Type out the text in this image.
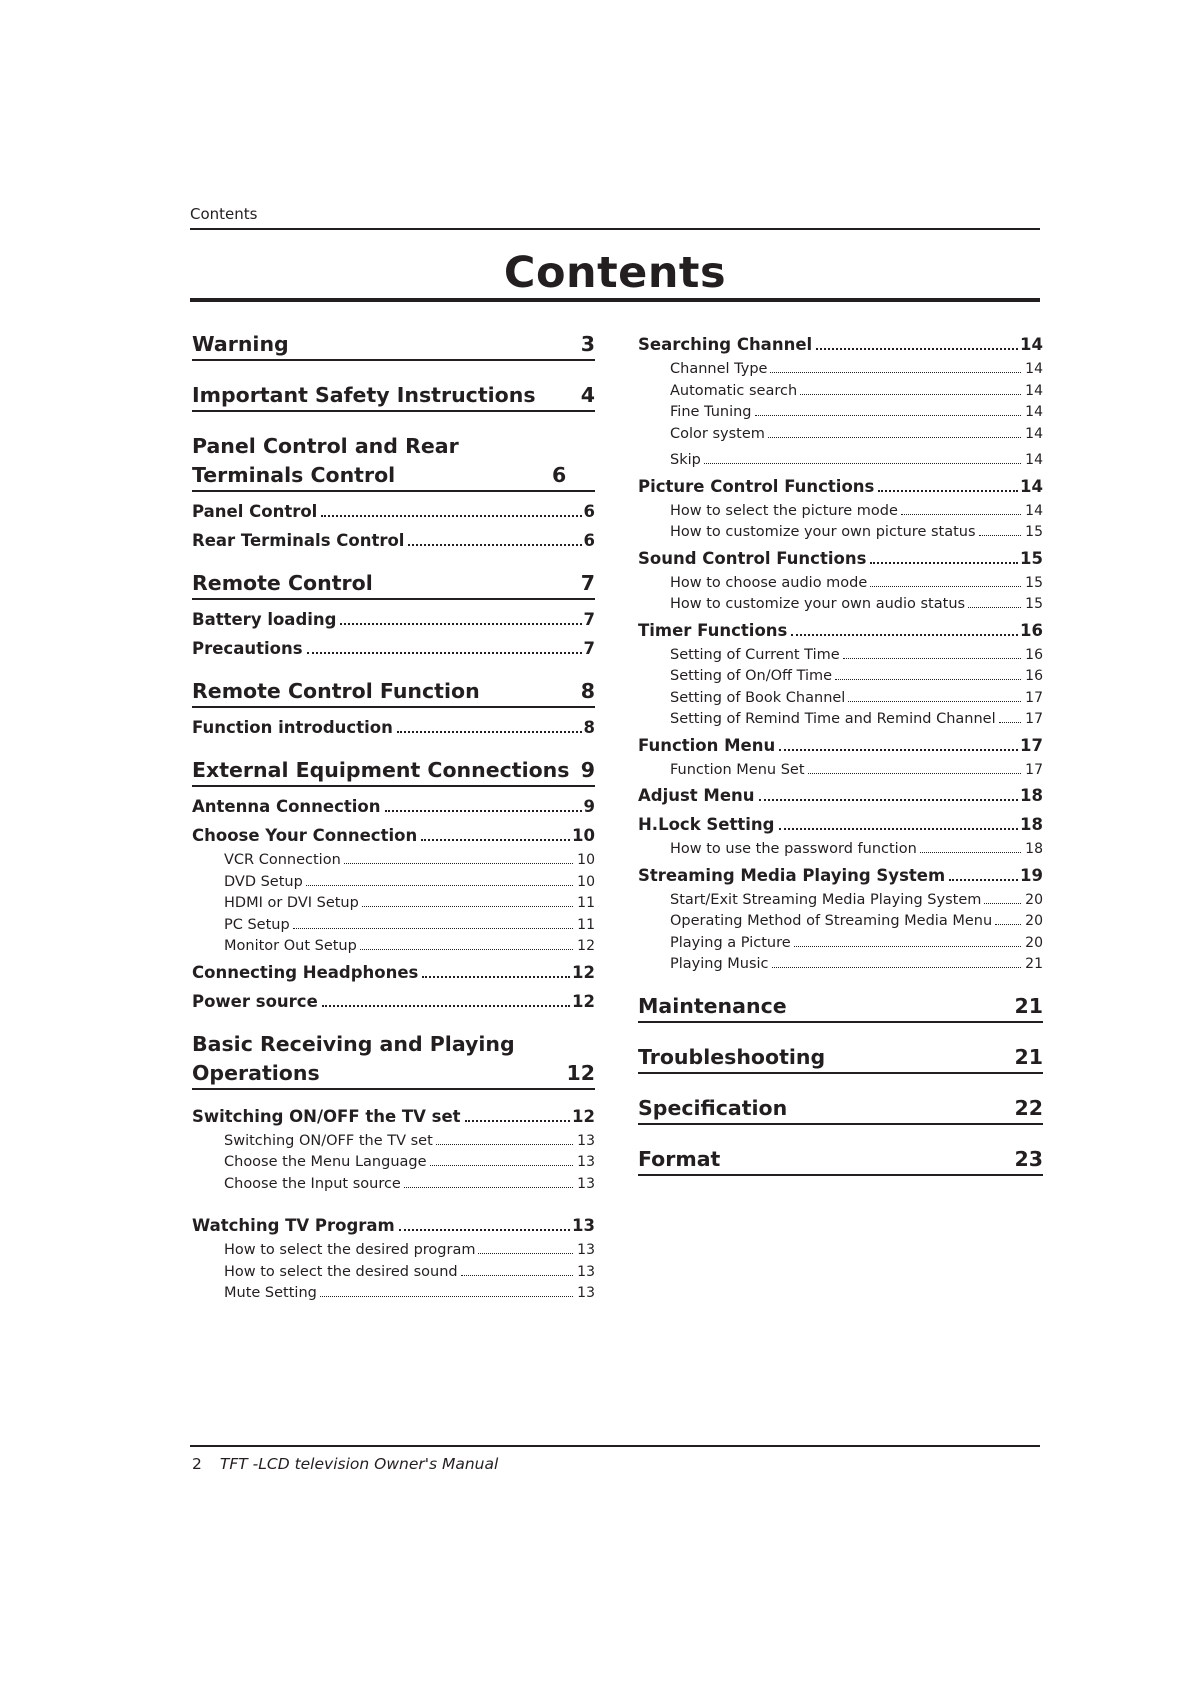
Contents
Contents
Warning	3
Important Safety Instructions	4
Panel Control and Rear Terminals Control	6
Panel Control	6
Rear Terminals Control	6
Remote Control	7
Battery loading	7
Precautions	7
Remote Control Function	8
Function introduction	8
External Equipment Connections 9
Antenna Connection	9
Choose Your Connection	10
VCR Connection	10
DVD Setup	10
HDMI or DVI Setup	11
PC Setup	11
Monitor Out Setup	12
Connecting Headphones	12
Power source	12
Basic Receiving and Playing
Operations	12
Switching ON/OFF the TV set	12
Switching ON/OFF the TV set	13
Choose the Menu Language	13
Choose the Input source	13
Watching TV Program	13
How to select the desired program	13
How to select the desired sound	13
Mute Setting	13
Searching Channel	14
Channel Type	14
Automatic search	14
Fine Tuning	14
Color system	14
Skip	14
Picture Control Functions	14
How to select the picture mode	14
How to customize your own picture status	15
Sound Control Functions	15
How to choose audio mode	15
How to customize your own audio status	15
Timer Functions	16
Setting of Current Time	16
Setting of On/Off Time	16
Setting of Book Channel	17
Setting of Remind Time and Remind Channel 17
Function Menu	17
Function Menu Set	17
Adjust Menu	18
H.Lock Setting	18
How to use the password function	18
Streaming Media Playing System	19
Start/Exit Streaming Media Playing System	20
Operating Method of Streaming Media Menu 20
Playing a Picture	20
Playing Music	21
Maintenance	21
Troubleshooting	21
Specification	22
Format	23
2 TFT -LCD television Owner's Manual
